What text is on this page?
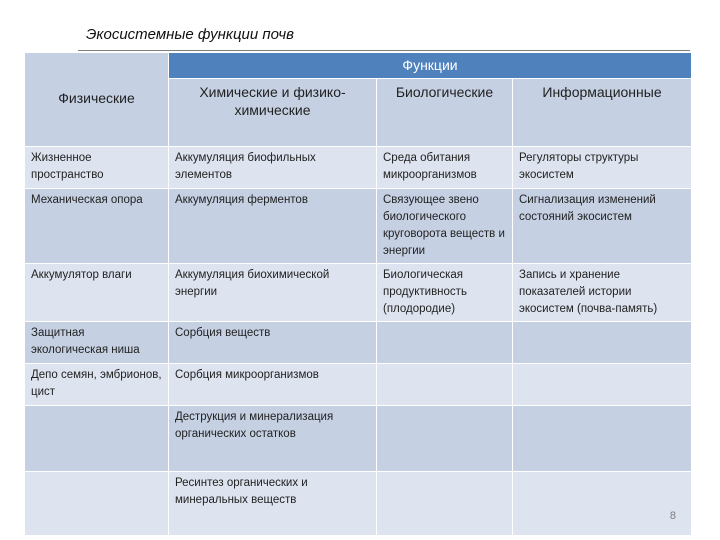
Экосистемные функции почв
Физические	Функции		
	Химические и физико-химические	Биологические	Информационные
Жизненное пространство	Аккумуляция биофильных элементов	Среда обитания микроорганизмов	Регуляторы структуры экосистем
Механическая опора	Аккумуляция ферментов	Связующее звено биологического круговорота веществ и энергии	Сигнализация изменений состояний экосистем
Аккумулятор влаги	Аккумуляция биохимической энергии	Биологическая продуктивность (плодородие)	Запись и хранение показателей истории экосистем (почва-память)
Защитная экологическая ниша	Сорбция веществ		
Депо семян, эмбрионов, цист	Сорбция микроорганизмов		
	Деструкция и минерализация органических остатков		
	Ресинтез органических и минеральных веществ		
8
